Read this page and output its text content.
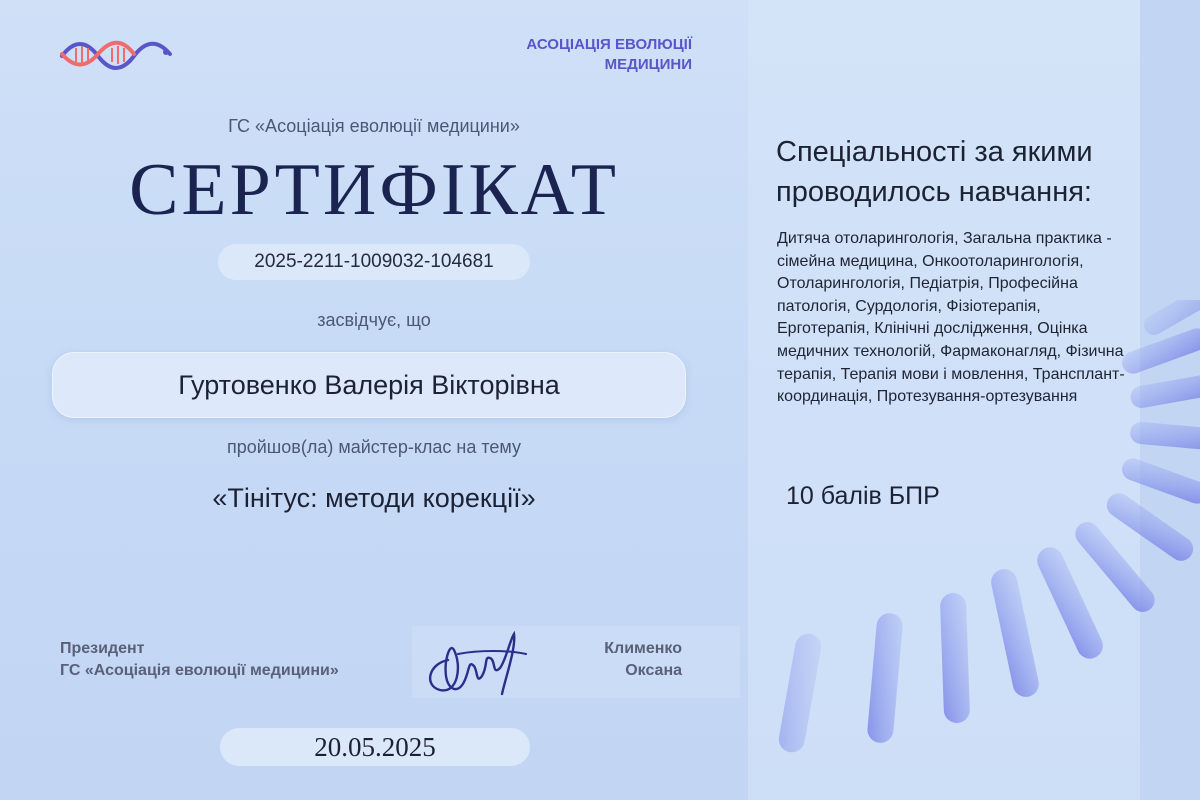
АСОЦІАЦІЯ ЕВОЛЮЦІЇ
МЕДИЦИНИ
ГС «Асоціація еволюції медицини»
СЕРТИФІКАТ
2025-2211-1009032-104681
засвідчує, що
Гуртовенко Валерія Вікторівна
пройшов(ла) майстер-клас на тему
«Тінітус: методи корекції»
Президент
ГС «Асоціація еволюції медицини»
Клименко
Оксана
20.05.2025
Спеціальності за якими проводилось навчання:
Дитяча отоларингологія, Загальна практика - сімейна медицина, Онкоотоларингологія, Отоларингологія, Педіатрія, Професійна патологія, Сурдологія, Фізіотерапія, Ерготерапія, Клінічні дослідження, Оцінка медичних технологій, Фармаконагляд, Фізична терапія, Терапія мови і мовлення, Трансплант-координація, Протезування-ортезування
10 балів БПР
